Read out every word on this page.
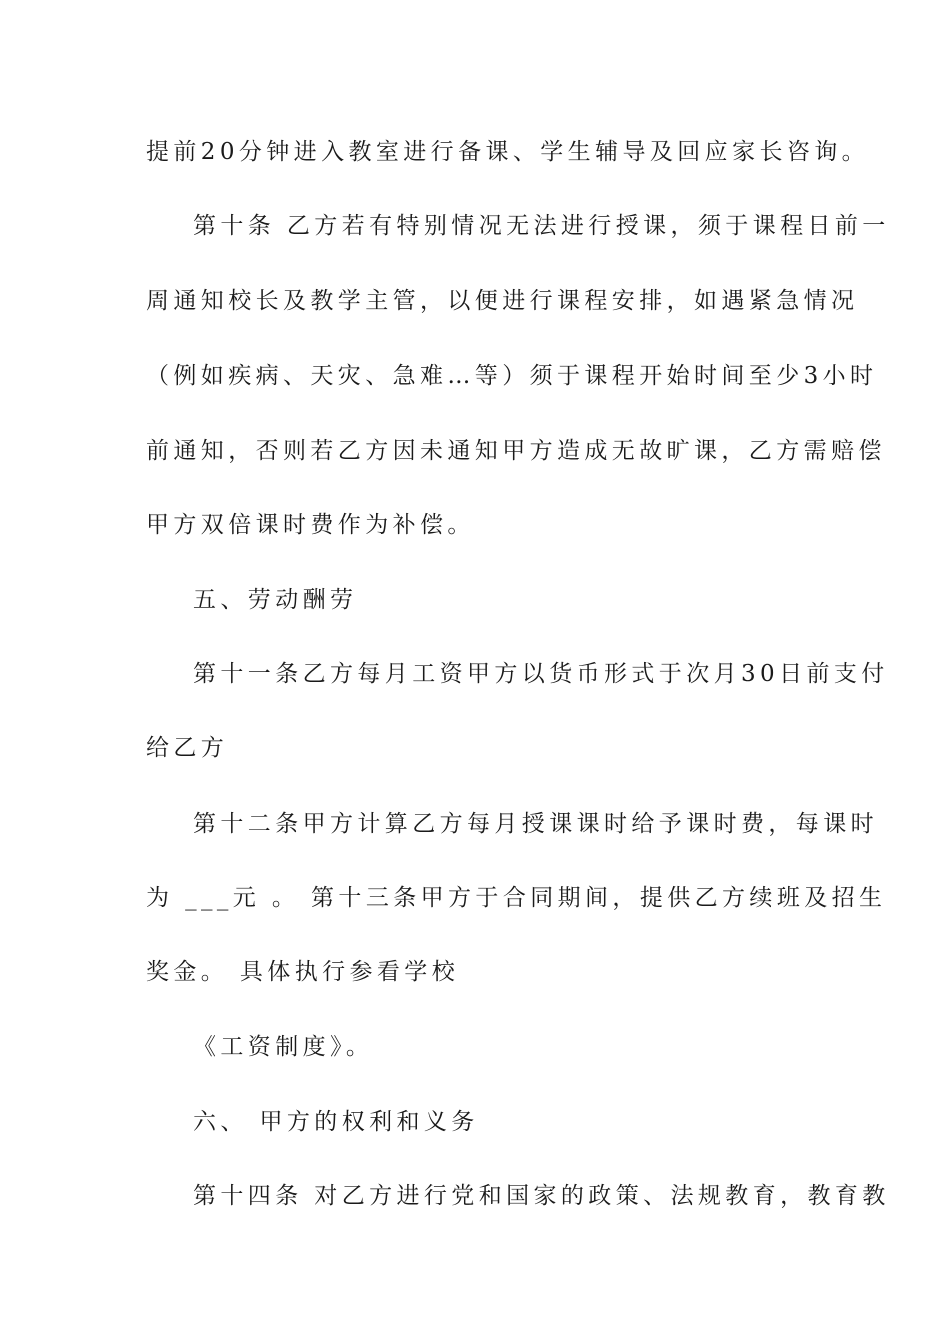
提前20分钟进入教室进行备课、学生辅导及回应家长咨询。
第十条 乙方若有特别情况无法进行授课，须于课程日前一
周通知校长及教学主管，以便进行课程安排，如遇紧急情况
（例如疾病、天灾、急难…等）须于课程开始时间至少3小时
前通知，否则若乙方因未通知甲方造成无故旷课，乙方需赔偿
甲方双倍课时费作为补偿。
五、劳动酬劳
第十一条乙方每月工资甲方以货币形式于次月30日前支付
给乙方
第十二条甲方计算乙方每月授课课时给予课时费，每课时
为 ___元 。 第十三条甲方于合同期间，提供乙方续班及招生
奖金。 具体执行参看学校
《工资制度》。
六、 甲方的权利和义务
第十四条 对乙方进行党和国家的政策、法规教育，教育教
